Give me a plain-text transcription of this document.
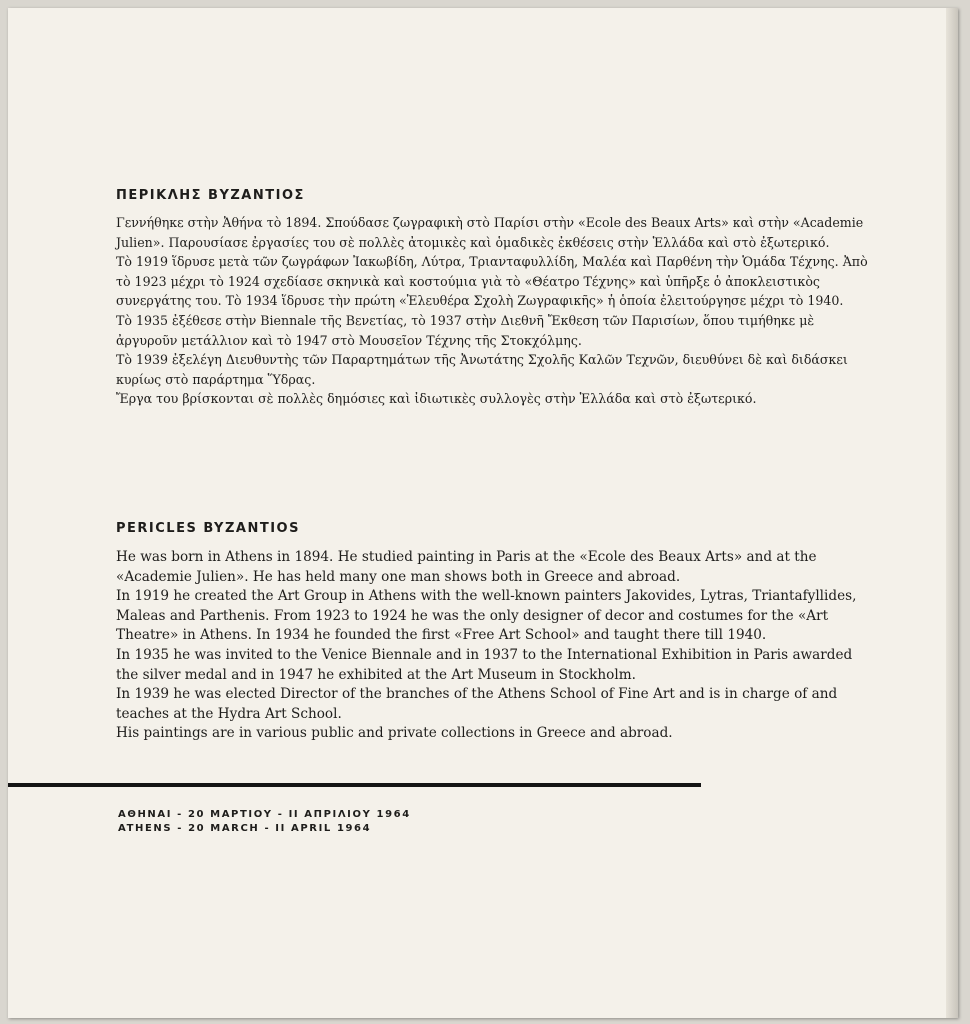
ΠΕΡΙΚΛΗΣ ΒΥΖΑΝΤΙΟΣ

Γεννήθηκε στὴν Ἀθήνα τὸ 1894. Σπούδασε ζωγραφικὴ στὸ Παρίσι στὴν «Ecole des Beaux Arts» καὶ στὴν «Academie Julien». Παρουσίασε ἐργασίες του σὲ πολλὲς ἀτομικὲς καὶ ὁμαδικὲς ἐκθέσεις στὴν Ἑλλάδα καὶ στὸ ἐξωτερικό.

Τὸ 1919 ἵδρυσε μετὰ τῶν ζωγράφων Ἰακωβίδη, Λύτρα, Τριανταφυλλίδη, Μαλέα καὶ Παρθένη τὴν Ὁμάδα Τέχνης. Ἀπὸ τὸ 1923 μέχρι τὸ 1924 σχεδίασε σκηνικὰ καὶ κοστούμια γιὰ τὸ «Θέατρο Τέχνης» καὶ ὑπῆρξε ὁ ἀποκλειστικὸς συνεργάτης του. Τὸ 1934 ἵδρυσε τὴν πρώτη «Ἐλευθέρα Σχολὴ Ζωγραφικῆς» ἡ ὁποία ἐλειτούργησε μέχρι τὸ 1940.

Τὸ 1935 ἐξέθεσε στὴν Biennale τῆς Βενετίας, τὸ 1937 στὴν Διεθνῆ Ἔκθεση τῶν Παρισίων, ὅπου τιμήθηκε μὲ ἀργυροῦν μετάλλιον καὶ τὸ 1947 στὸ Μουσεῖον Τέχνης τῆς Στοκχόλμης.

Τὸ 1939 ἐξελέγη Διευθυντὴς τῶν Παραρτημάτων τῆς Ἀνωτάτης Σχολῆς Καλῶν Τεχνῶν, διευθύνει δὲ καὶ διδάσκει κυρίως στὸ παράρτημα Ὕδρας.

Ἔργα του βρίσκονται σὲ πολλὲς δημόσιες καὶ ἰδιωτικὲς συλλογὲς στὴν Ἑλλάδα καὶ στὸ ἐξωτερικό.

PERICLES BYZANTIOS

He was born in Athens in 1894. He studied painting in Paris at the «Ecole des Beaux Arts» and at the «Academie Julien». He has held many one man shows both in Greece and abroad.

In 1919 he created the Art Group in Athens with the well-known painters Jakovides, Lytras, Triantafyllides, Maleas and Parthenis. From 1923 to 1924 he was the only designer of decor and costumes for the «Art Theatre» in Athens. In 1934 he founded the first «Free Art School» and taught there till 1940.

In 1935 he was invited to the Venice Biennale and in 1937 to the International Exhibition in Paris awarded the silver medal and in 1947 he exhibited at the Art Museum in Stockholm.

In 1939 he was elected Director of the branches of the Athens School of Fine Art and is in charge of and teaches at the Hydra Art School.

His paintings are in various public and private collections in Greece and abroad.

ΑΘΗΝΑΙ - 20 ΜΑΡΤΙΟΥ - ΙΙ ΑΠΡΙΛΙΟΥ 1964
ATHENS - 20 MARCH - II APRIL 1964
